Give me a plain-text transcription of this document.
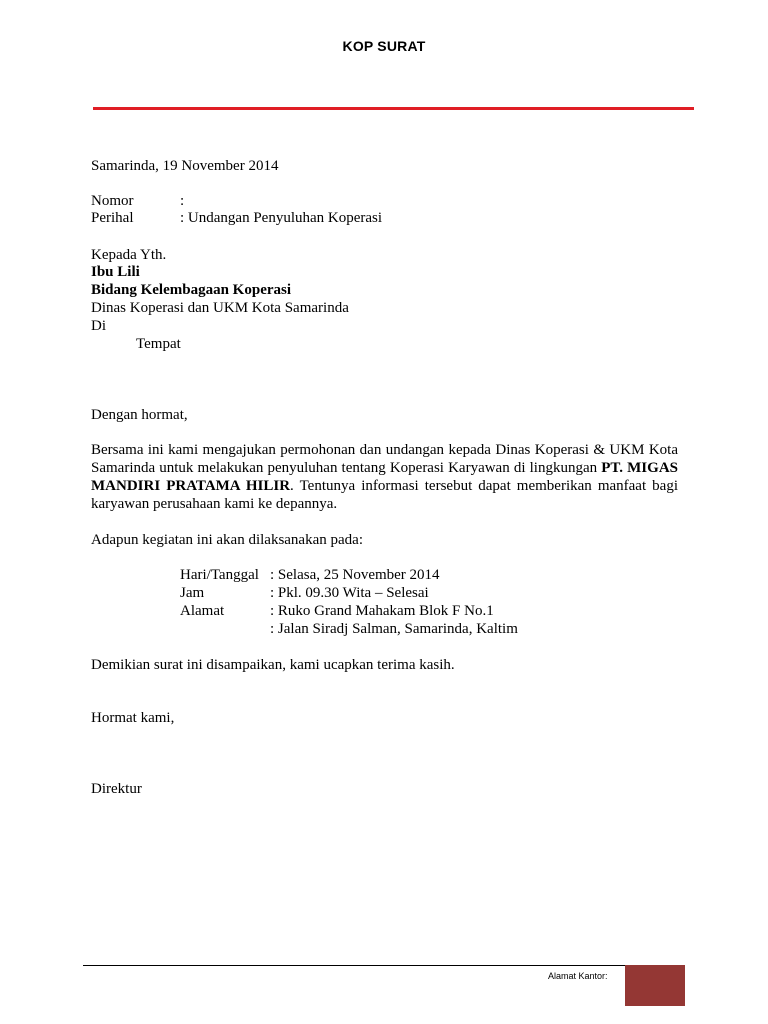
KOP SURAT
Samarinda, 19 November 2014
Nomor	:
Perihal	: Undangan Penyuluhan Koperasi
Kepada Yth.
Ibu Lili
Bidang Kelembagaan Koperasi
Dinas Koperasi dan UKM Kota Samarinda
Di
Tempat
Dengan hormat,
Bersama ini kami mengajukan permohonan dan undangan kepada Dinas Koperasi & UKM Kota Samarinda untuk melakukan penyuluhan tentang Koperasi Karyawan di lingkungan PT. MIGAS MANDIRI PRATAMA HILIR. Tentunya informasi tersebut dapat memberikan manfaat bagi karyawan perusahaan kami ke depannya.
Adapun kegiatan ini akan dilaksanakan pada:
Hari/Tanggal : Selasa, 25 November 2014
Jam	: Pkl. 09.30 Wita – Selesai
Alamat	: Ruko Grand Mahakam Blok F No.1
: Jalan Siradj Salman, Samarinda, Kaltim
Demikian surat ini disampaikan, kami ucapkan terima kasih.
Hormat kami,
Direktur
Alamat Kantor:
